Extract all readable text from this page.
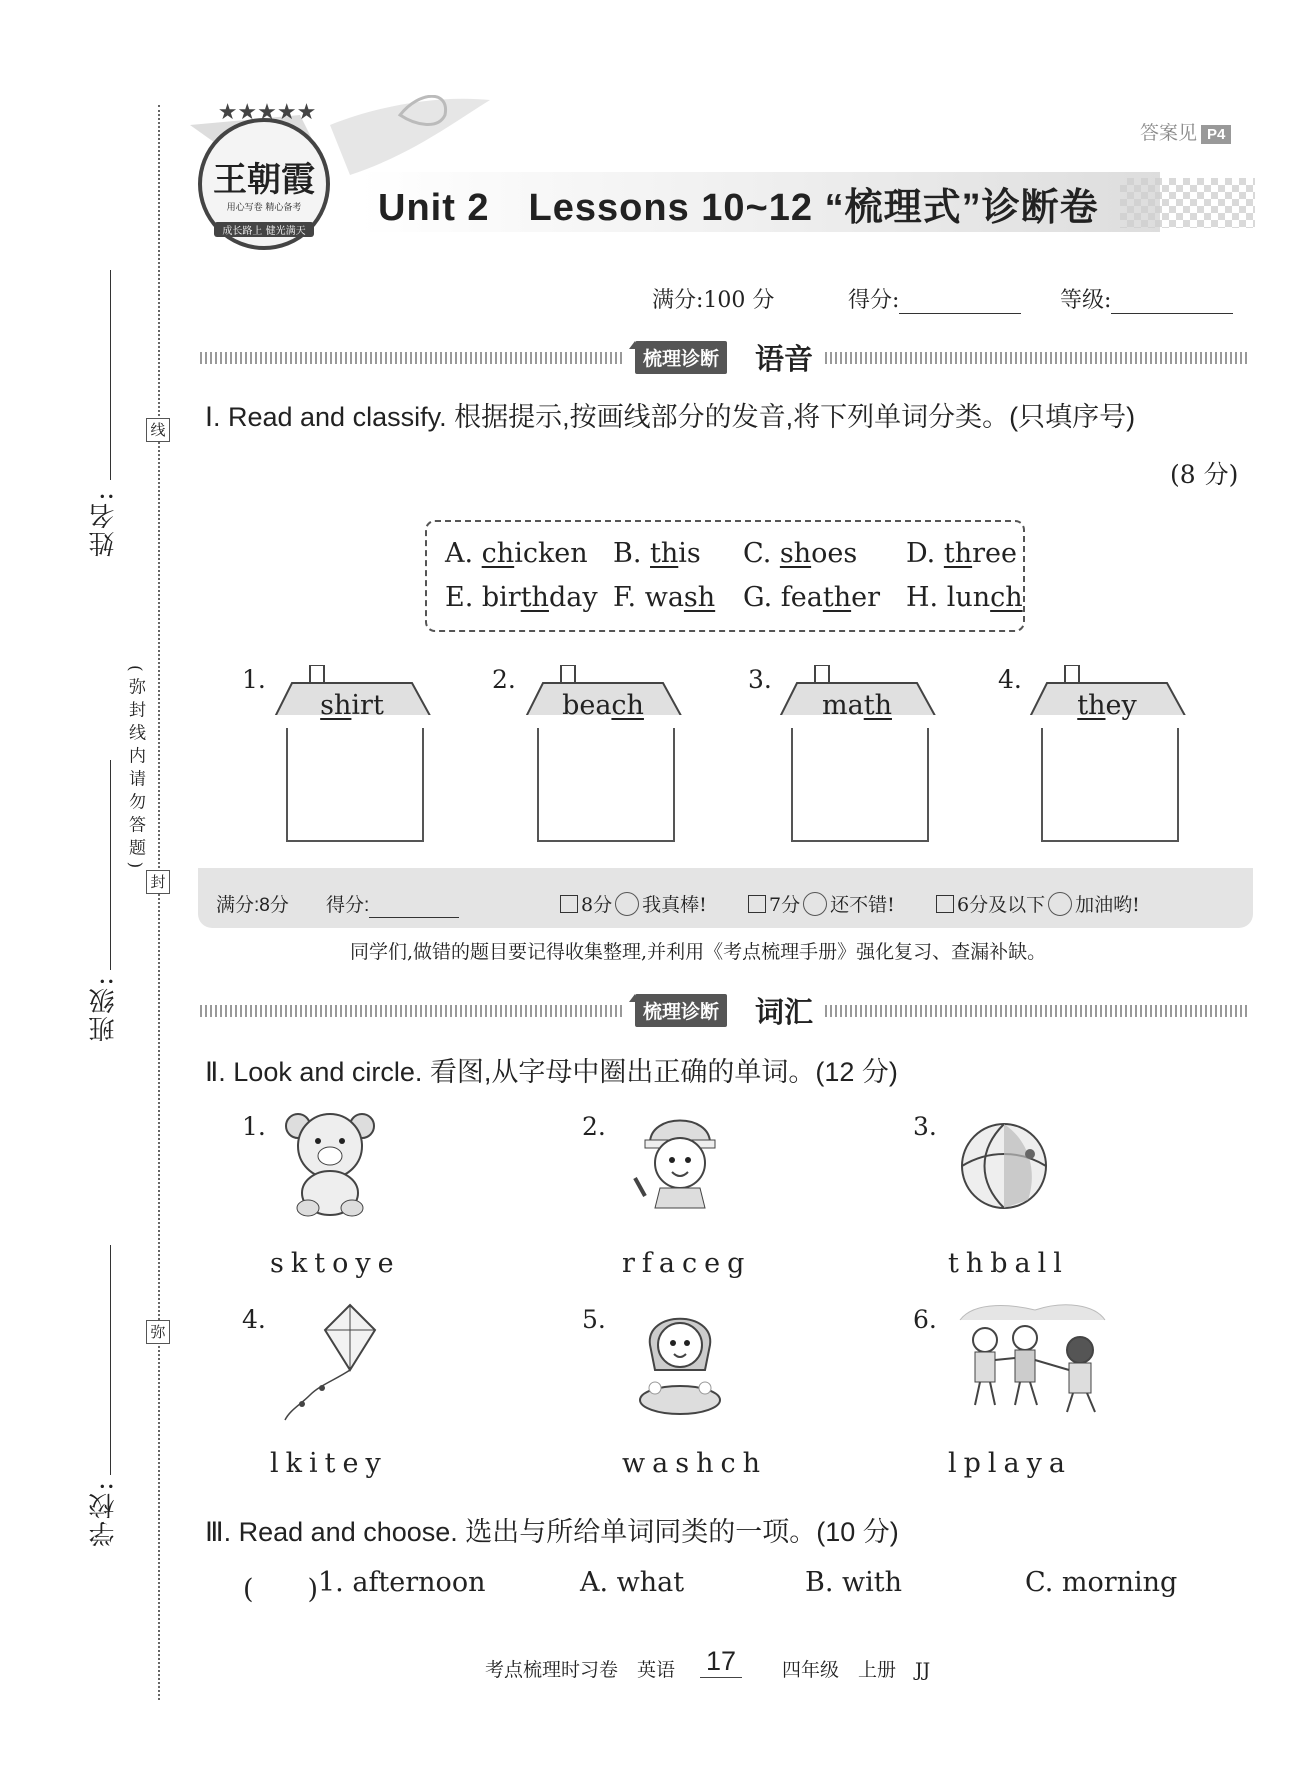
姓名:
班级:
学校:
线
封
弥
(弥封线内请勿答题)
★★★★★
王朝霞
用心写卷 精心备考
成长路上 健光满天
答案见 P4
Unit 2　Lessons 10~12 “梳理式”诊断卷
满分:100 分	得分:	等级:
梳理诊断 语音
Ⅰ. Read and classify. 根据提示,按画线部分的发音,将下列单词分类。(只填序号)
(8 分)
A. chicken B. this C. shoes D. three
E. birthday F. wash G. feather H. lunch
1.
shirt
2.
beach
3.
math
4.
they
满分:8分 得分:	8分 我真棒!	7分 还不错!	6分及以下 加油哟!
同学们,做错的题目要记得收集整理,并利用《考点梳理手册》强化复习、查漏补缺。
梳理诊断 词汇
Ⅱ. Look and circle. 看图,从字母中圈出正确的单词。(12 分)
1.
sktoye
2.
rfaceg
3.
thball
4.
lkitey
5.
washch
6.
lplaya
Ⅲ. Read and choose. 选出与所给单词同类的一项。(10 分)
(　　) 1. afternoon	A. what	B. with	C. morning
考点梳理时习卷　英语 17	四年级　上册　JJ
